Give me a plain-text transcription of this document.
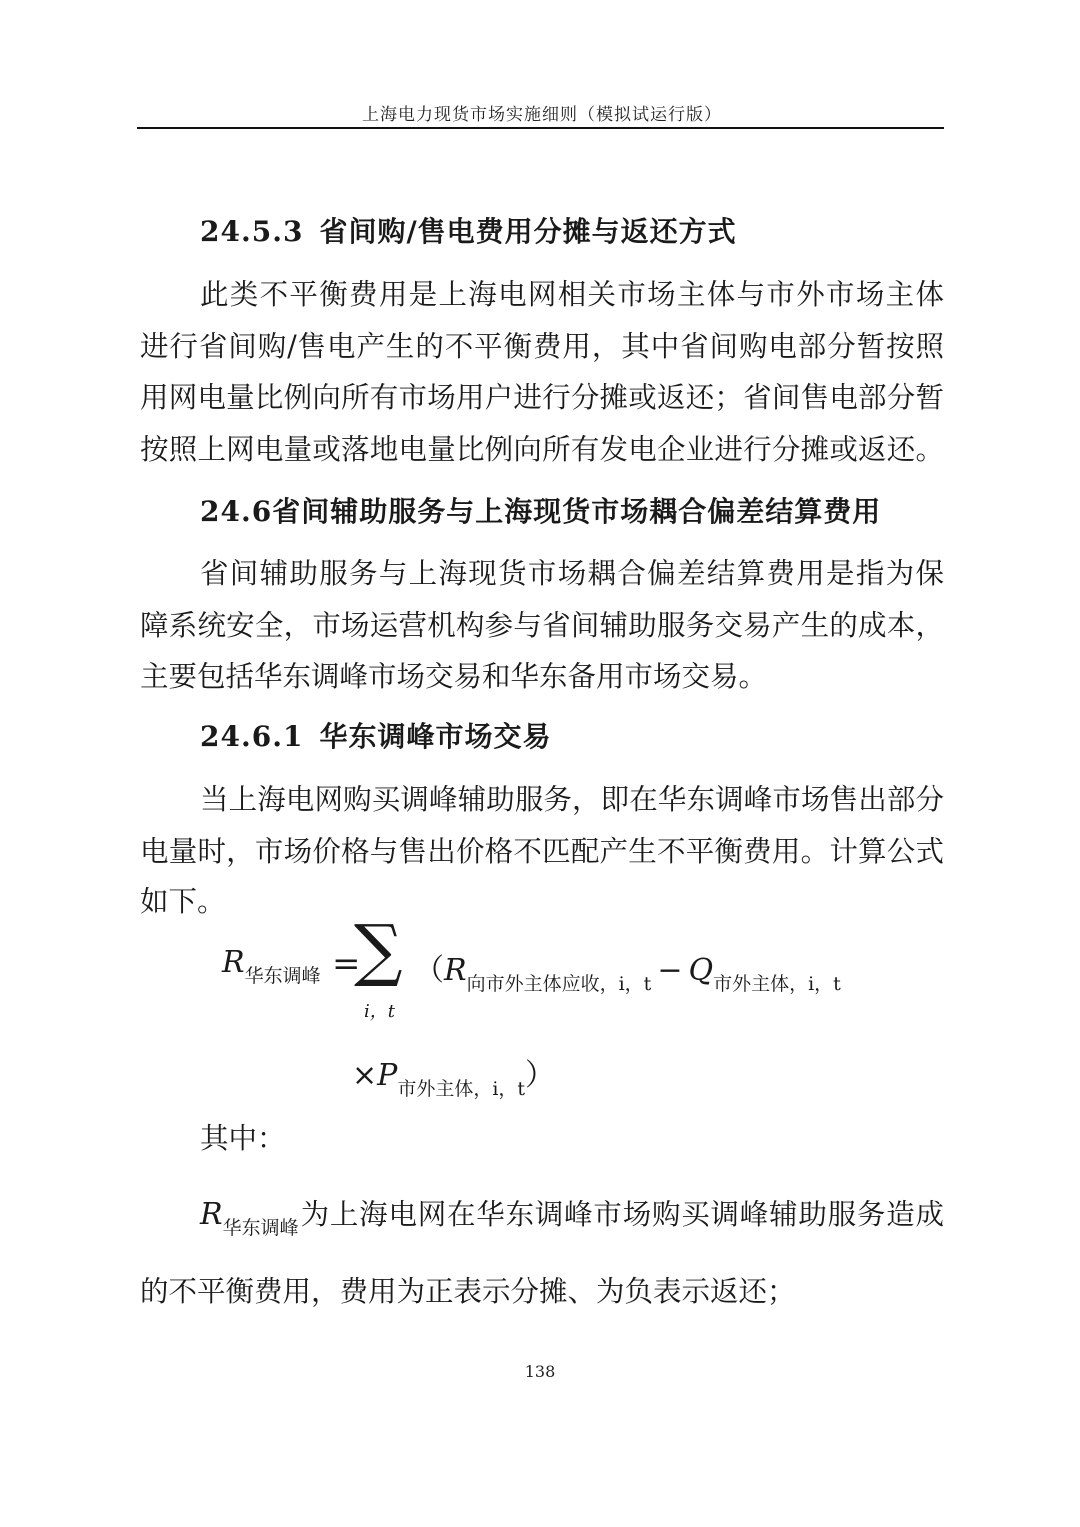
上海电力现货市场实施细则（模拟试运行版）
24.5.3 省间购/售电费用分摊与返还方式
此类不平衡费用是上海电网相关市场主体与市外市场主体
进行省间购/售电产生的不平衡费用，其中省间购电部分暂按照
用网电量比例向所有市场用户进行分摊或返还；省间售电部分暂
按照上网电量或落地电量比例向所有发电企业进行分摊或返还。
24.6省间辅助服务与上海现货市场耦合偏差结算费用
省间辅助服务与上海现货市场耦合偏差结算费用是指为保
障系统安全，市场运营机构参与省间辅助服务交易产生的成本，
主要包括华东调峰市场交易和华东备用市场交易。
24.6.1 华东调峰市场交易
当上海电网购买调峰辅助服务，即在华东调峰市场售出部分
电量时，市场价格与售出价格不匹配产生不平衡费用。计算公式
如下。
$R_{华东调峰}$ =
∑
i，t
（$R_{向市外主体应收,i,t} - Q_{市外主体,i,t}$
$\times P_{市外主体,i,t}$）
其中：
R 华东调峰 为上海电网在华东调峰市场购买调峰辅助服务造成
的不平衡费用，费用为正表示分摊、为负表示返还；
138
